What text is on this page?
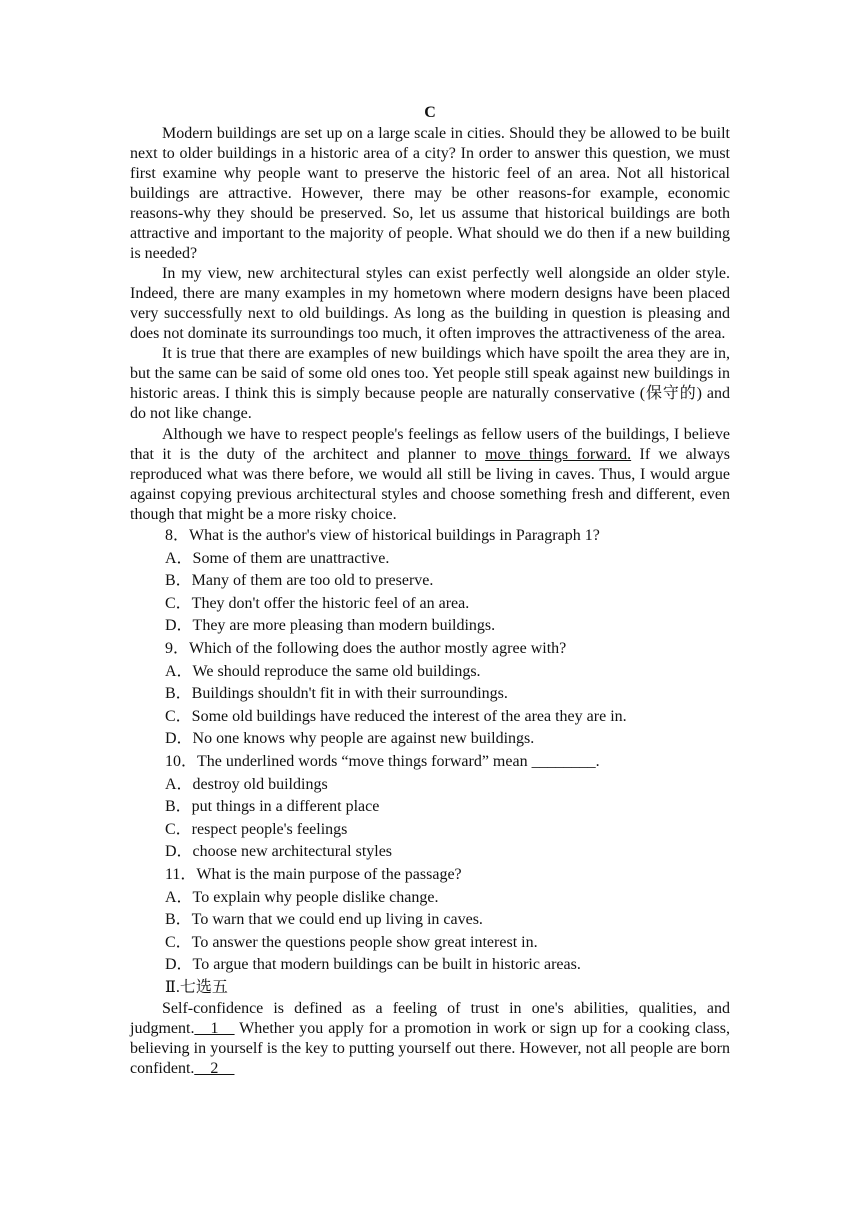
C

Modern buildings are set up on a large scale in cities. Should they be allowed to be built next to older buildings in a historic area of a city? In order to answer this question, we must first examine why people want to preserve the historic feel of an area. Not all historical buildings are attractive. However, there may be other reasons-for example, economic reasons-why they should be preserved. So, let us assume that historical buildings are both attractive and important to the majority of people. What should we do then if a new building is needed?

In my view, new architectural styles can exist perfectly well alongside an older style. Indeed, there are many examples in my hometown where modern designs have been placed very successfully next to old buildings. As long as the building in question is pleasing and does not dominate its surroundings too much, it often improves the attractiveness of the area.

It is true that there are examples of new buildings which have spoilt the area they are in, but the same can be said of some old ones too. Yet people still speak against new buildings in historic areas. I think this is simply because people are naturally conservative (保守的) and do not like change.

Although we have to respect people's feelings as fellow users of the buildings, I believe that it is the duty of the architect and planner to move things forward. If we always reproduced what was there before, we would all still be living in caves. Thus, I would argue against copying previous architectural styles and choose something fresh and different, even though that might be a more risky choice.

8．What is the author's view of historical buildings in Paragraph 1?

A．Some of them are unattractive.

B．Many of them are too old to preserve.

C．They don't offer the historic feel of an area.

D．They are more pleasing than modern buildings.

9．Which of the following does the author mostly agree with?

A．We should reproduce the same old buildings.

B．Buildings shouldn't fit in with their surroundings.

C．Some old buildings have reduced the interest of the area they are in.

D．No one knows why people are against new buildings.

10．The underlined words “move things forward” mean ________.

A．destroy old buildings

B．put things in a different place

C．respect people's feelings

D．choose new architectural styles

11．What is the main purpose of the passage?

A．To explain why people dislike change.

B．To warn that we could end up living in caves.

C．To answer the questions people show great interest in.

D．To argue that modern buildings can be built in historic areas.

Ⅱ.七选五

Self-confidence is defined as a feeling of trust in one's abilities, qualities, and judgment.__1__ Whether you apply for a promotion in work or sign up for a cooking class, believing in yourself is the key to putting yourself out there. However, not all people are born confident.__2__
